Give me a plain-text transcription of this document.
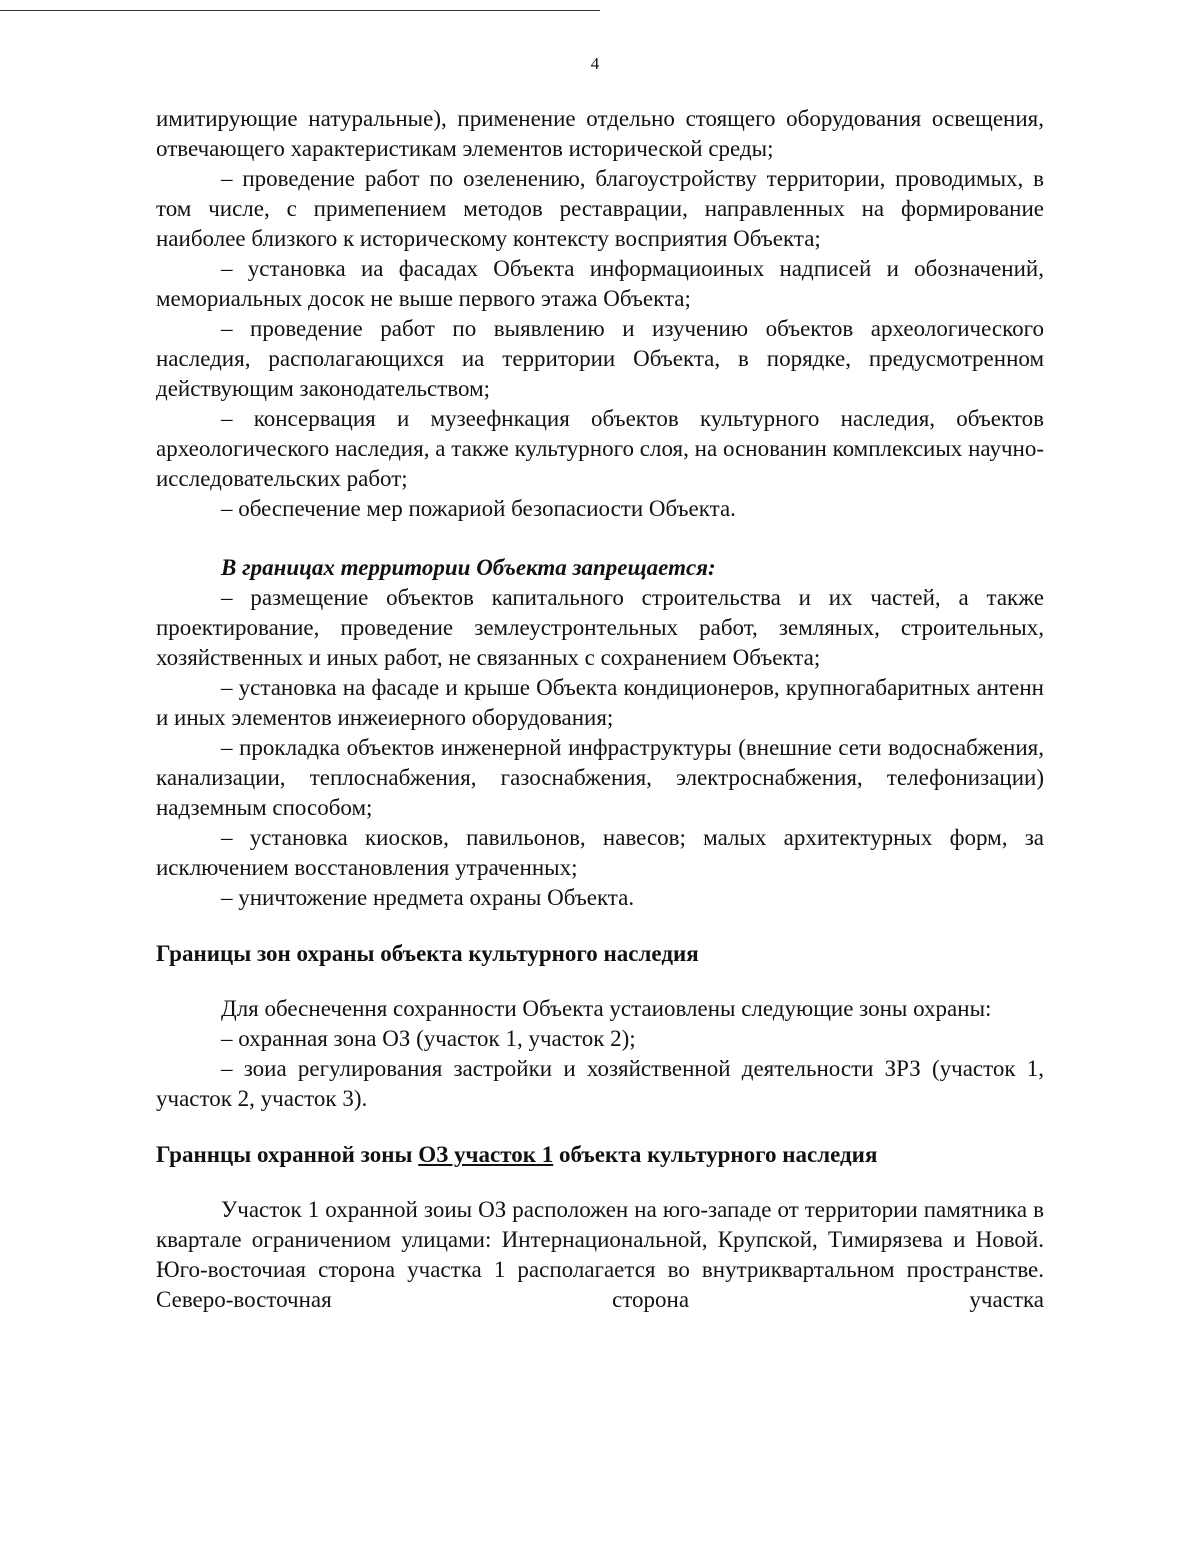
4

имитирующие натуральные), применение отдельно стоящего оборудования освещения, отвечающего характеристикам элементов исторической среды;

– проведение работ по озеленению, благоустройству территории, проводимых, в том числе, с примепением методов реставрации, направленных на формирование наиболее близкого к историческому контексту восприятия Объекта;

– установка иа фасадах Объекта информациоиных надписей и обозначений, мемориальных досок не выше первого этажа Объекта;

– проведение работ по выявлению и изучению объектов археологического наследия, располагающихся иа территории Объекта, в порядке, предусмотренном действующим законодательством;

– консервация и музеефнкация объектов культурного наследия, объектов археологического наследия, а также культурного слоя, на основанин комплексиых научно-исследовательских работ;

– обеспечение мер пожариой безопасиости Объекта.

В границах территории Объекта запрещается:

– размещение объектов капитального строительства и их частей, а также проектирование, проведение землеустронтельных работ, земляных, строительных, хозяйственных и иных работ, не связанных с сохранением Объекта;

– установка на фасаде и крыше Объекта кондиционеров, крупногабаритных антенн и иных элементов инжеиерного оборудования;

– прокладка объектов инженерной инфраструктуры (внешние сети водоснабжения, канализации, теплоснабжения, газоснабжения, электроснабжения, телефонизации) надземным способом;

– установка киосков, павильонов, навесов; малых архитектурных форм, за исключением восстановления утраченных;

– уничтожение нредмета охраны Объекта.

Границы зон охраны объекта культурного наследия

Для обеснечення сохранности Объекта устаиовлены следующие зоны охраны:

– охранная зона ОЗ (участок 1, участок 2);

– зоиа регулирования застройки и хозяйственной деятельности ЗРЗ (участок 1, участок 2, участок 3).

Граннцы охранной зоны ОЗ участок 1 объекта культурного наследия

Участок 1 охранной зоиы ОЗ расположен на юго-западе от территории памятника в квартале ограничениом улицами: Интернациональной, Крупской, Тимирязева и Новой. Юго-восточиая сторона участка 1 располагается во внутриквартальном пространстве. Северо-восточная сторона участка
